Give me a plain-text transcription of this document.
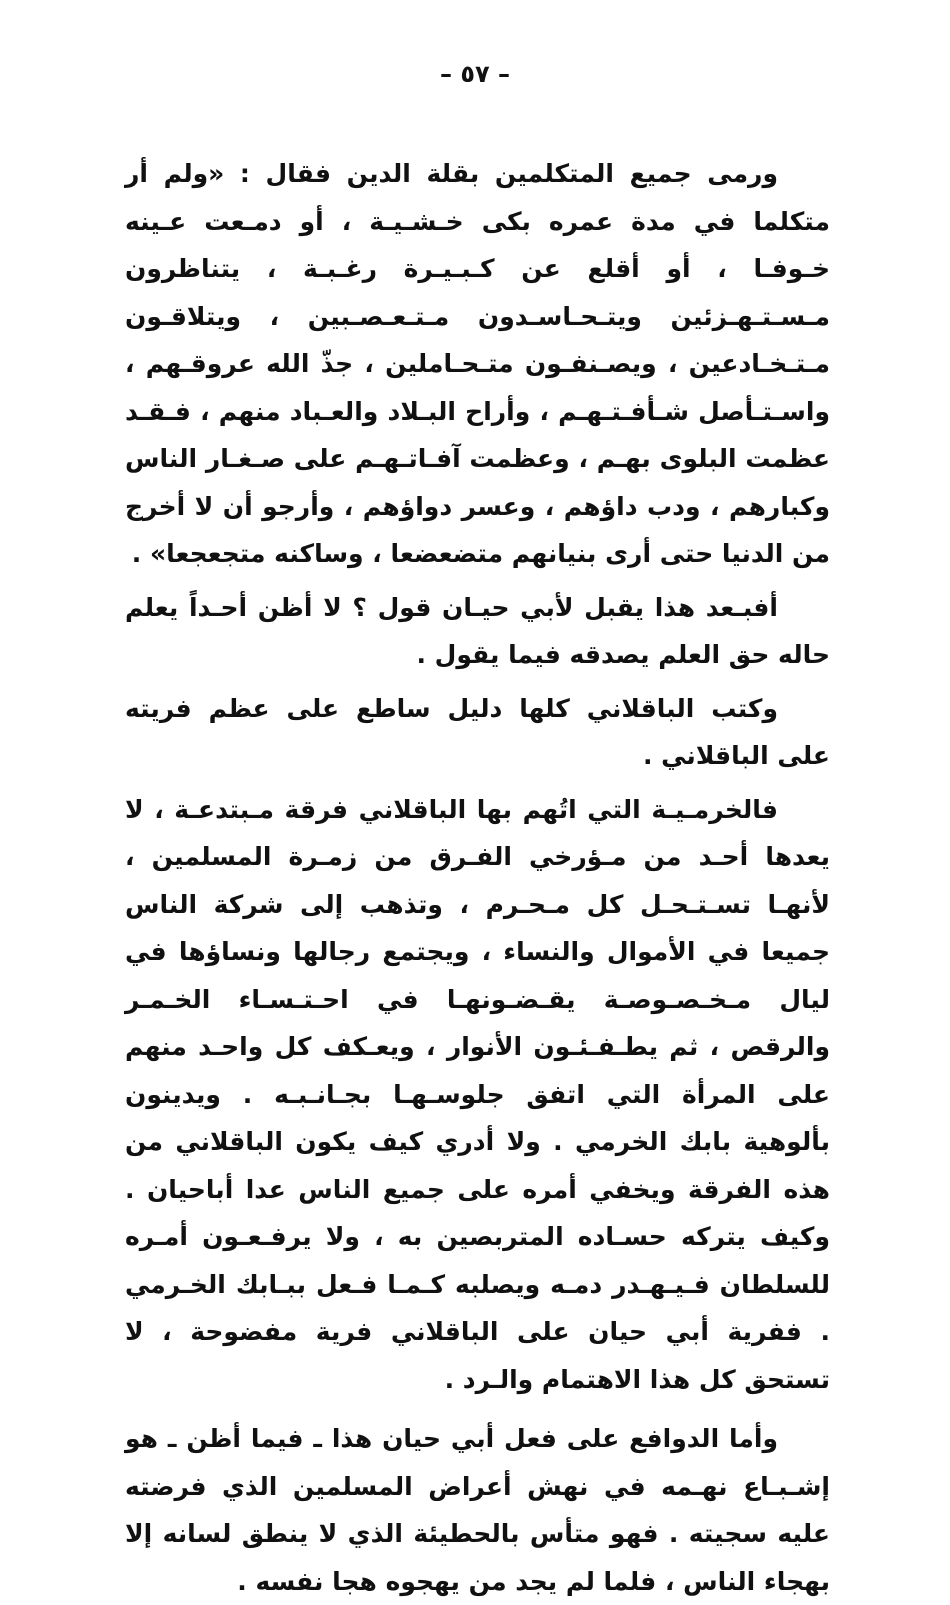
– ٥٧ –

ورمى جميع المتكلمين بقلة الدين فقال : «ولم أر متكلما في مدة عمره بكى خـشـيـة ، أو دمـعت عـينه خـوفـا ، أو أقلع عن كـبـيـرة رغـبـة ، يتناظرون مـسـتـهـزئين ويتـحـاسـدون مـتـعـصـبين ، ويتلاقـون مـتـخـادعين ، ويصـنفـون متـحـاملين ، جذّ الله عروقـهم ، واسـتـأصل شـأفـتـهـم ، وأراح البـلاد والعـباد منهم ، فـقـد عظمت البلوى بهـم ، وعظمت آفـاتـهـم على صـغـار الناس وكبارهم ، ودب داؤهم ، وعسر دواؤهم ، وأرجو أن لا أخرج من الدنيا حتى أرى بنيانهم متضعضعا ، وساكنه متجعجعا» .

أفبـعد هذا يقبل لأبي حيـان قول ؟ لا أظن أحـداً يعلم حاله حق العلم يصدقه فيما يقول .

وكتب الباقلاني كلها دليل ساطع على عظم فريته على الباقلاني .

فالخرمـيـة التي اتُهم بها الباقلاني فرقة مـبتدعـة ، لا يعدها أحـد من مـؤرخي الفـرق من زمـرة المسلمين ، لأنهـا تسـتـحـل كل مـحـرم ، وتذهب إلى شركة الناس جميعا في الأموال والنساء ، ويجتمع رجالها ونساؤها في ليال مـخـصـوصـة يقـضـونهـا في احـتـسـاء الخـمـر والرقص ، ثم يطـفـئـون الأنوار ، ويعـكف كل واحـد منهم على المرأة التي اتفق جلوسـهـا بجـانـبـه . ويدينون بألوهية بابك الخرمي . ولا أدري كيف يكون الباقلاني من هذه الفرقة ويخفي أمره على جميع الناس عدا أباحيان . وكيف يتركه حسـاده المتربصين به ، ولا يرفـعـون أمـره للسلطان فـيـهـدر دمـه ويصلبه كـمـا فـعل ببـابك الخـرمي . ففرية أبي حيان على الباقلاني فرية مفضوحة ، لا تستحق كل هذا الاهتمام والـرد .

وأما الدوافع على فعل أبي حيان هذا ـ فيما أظن ـ هو إشـبـاع نهـمه في نهش أعراض المسلمين الذي فرضته عليه سجيته . فهو متأس بالحطيئة الذي لا ينطق لسانه إلا بهجاء الناس ، فلما لم يجد من يهجوه هجا نفسه .
